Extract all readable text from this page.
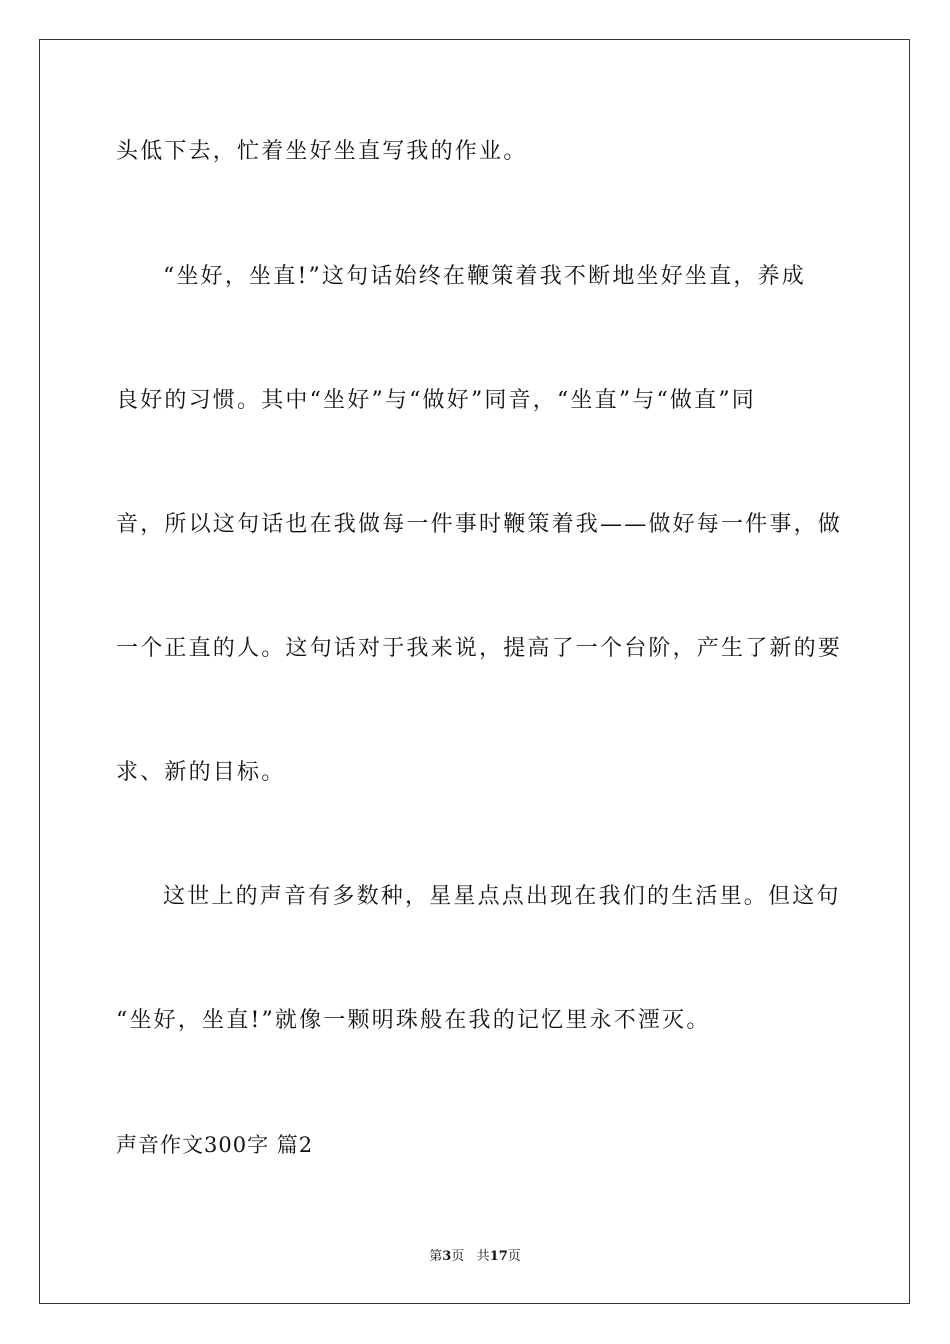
头低下去，忙着坐好坐直写我的作业。
“坐好，坐直!”这句话始终在鞭策着我不断地坐好坐直，养成
良好的习惯。其中“坐好”与“做好”同音，“坐直”与“做直”同
音，所以这句话也在我做每一件事时鞭策着我——做好每一件事，做
一个正直的人。这句话对于我来说，提高了一个台阶，产生了新的要
求、新的目标。
这世上的声音有多数种，星星点点出现在我们的生活里。但这句
“坐好，坐直!”就像一颗明珠般在我的记忆里永不湮灭。
声音作文300字 篇2
第3页 共17页
